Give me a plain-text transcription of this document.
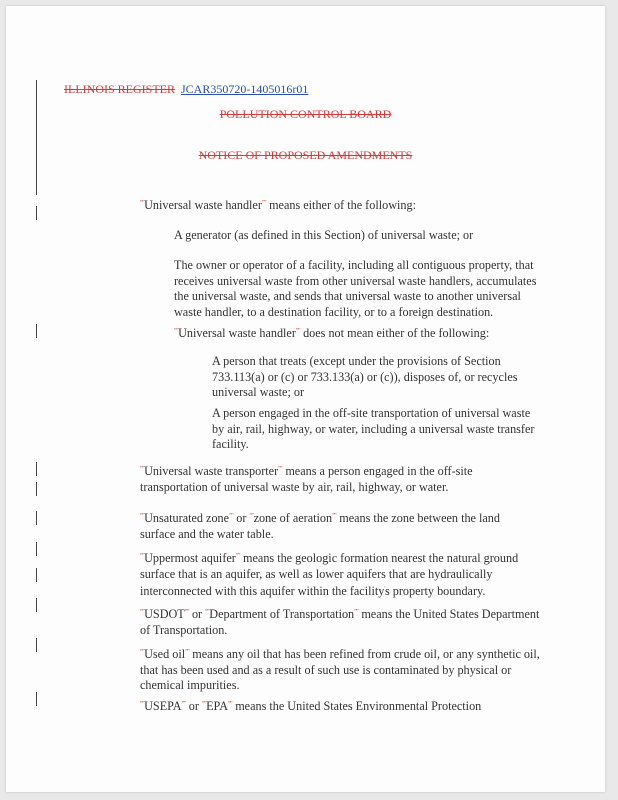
ILLINOIS REGISTER JCAR350720-1405016r01

POLLUTION CONTROL BOARD

NOTICE OF PROPOSED AMENDMENTS

“"Universal waste handler”" means either of the following:

A generator (as defined in this Section) of universal waste; or

The owner or operator of a facility, including all contiguous property, that receives universal waste from other universal waste handlers, accumulates the universal waste, and sends that universal waste to another universal waste handler, to a destination facility, or to a foreign destination.

“"Universal waste handler”" does not mean either of the following:

A person that treats (except under the provisions of Section 733.113(a) or (c) or 733.133(a) or (c)), disposes of, or recycles universal waste; or

A person engaged in the off-site transportation of universal waste by air, rail, highway, or water, including a universal waste transfer facility.

“"Universal waste transporter”" means a person engaged in the off-site transportation of universal waste by air, rail, highway, or water.

“"Unsaturated zone”" or “"zone of aeration”" means the zone between the land surface and the water table.

“"Uppermost aquifer”" means the geologic formation nearest the natural ground surface that is an aquifer, as well as lower aquifers that are hydraulically interconnected with this aquifer within the facility's property boundary.

“"USDOT”" or “"Department of Transportation”" means the United States Department of Transportation.

“"Used oil”" means any oil that has been refined from crude oil, or any synthetic oil, that has been used and as a result of such use is contaminated by physical or chemical impurities.

“"USEPA”" or “"EPA”" means the United States Environmental Protection
